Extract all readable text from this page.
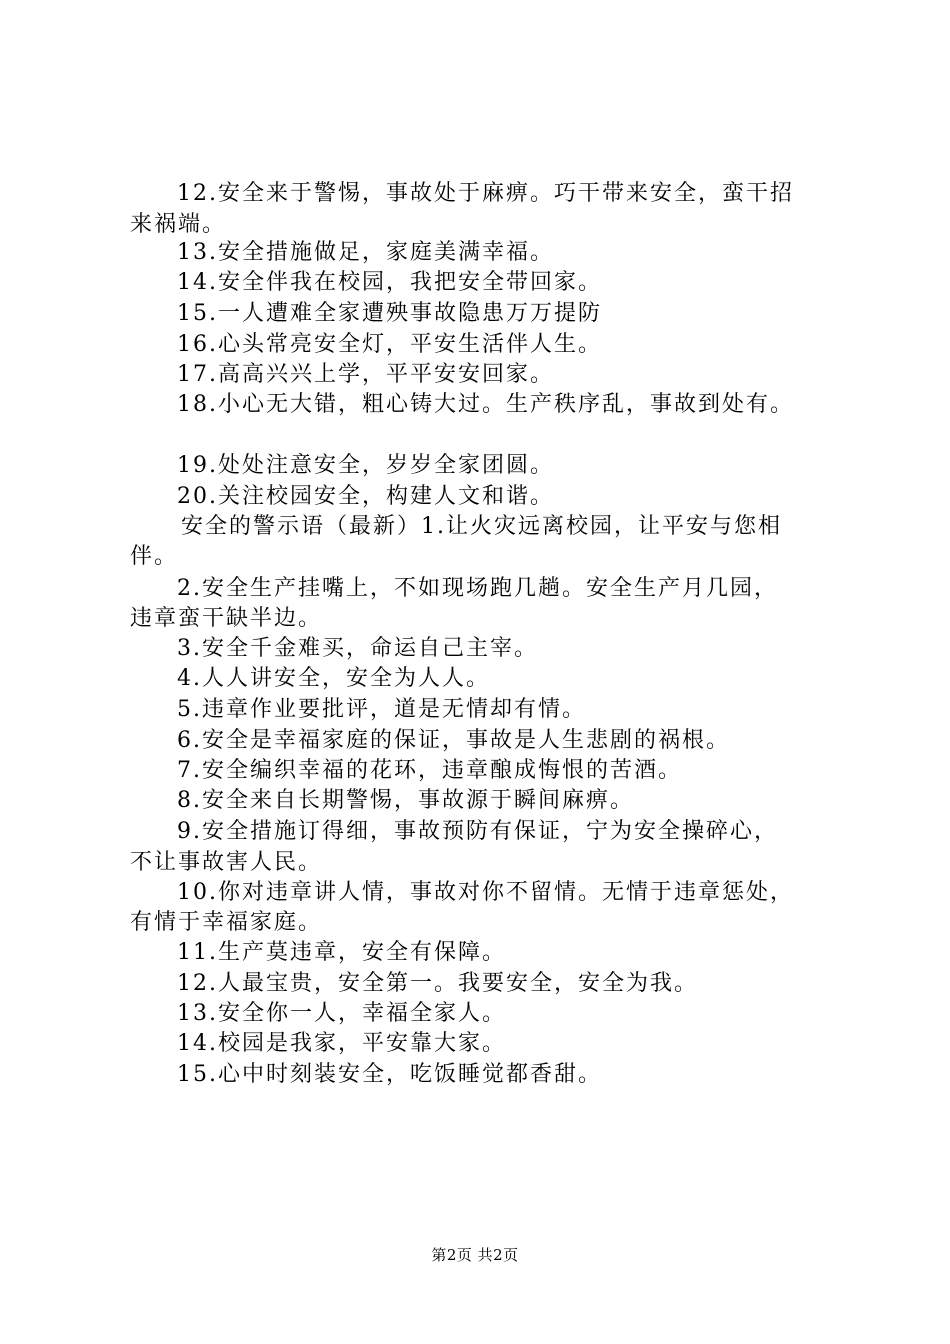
12.安全来于警惕，事故处于麻痹。巧干带来安全，蛮干招
来祸端。
13.安全措施做足，家庭美满幸福。
14.安全伴我在校园，我把安全带回家。
15.一人遭难全家遭殃事故隐患万万提防
16.心头常亮安全灯，平安生活伴人生。
17.高高兴兴上学，平平安安回家。
18.小心无大错，粗心铸大过。生产秩序乱，事故到处有。
19.处处注意安全，岁岁全家团圆。
20.关注校园安全，构建人文和谐。
安全的警示语（最新）1.让火灾远离校园，让平安与您相
伴。
2.安全生产挂嘴上，不如现场跑几趟。安全生产月几园，
违章蛮干缺半边。
3.安全千金难买，命运自己主宰。
4.人人讲安全，安全为人人。
5.违章作业要批评，道是无情却有情。
6.安全是幸福家庭的保证，事故是人生悲剧的祸根。
7.安全编织幸福的花环，违章酿成悔恨的苦酒。
8.安全来自长期警惕，事故源于瞬间麻痹。
9.安全措施订得细，事故预防有保证，宁为安全操碎心，
不让事故害人民。
10.你对违章讲人情，事故对你不留情。无情于违章惩处，
有情于幸福家庭。
11.生产莫违章，安全有保障。
12.人最宝贵，安全第一。我要安全，安全为我。
13.安全你一人，幸福全家人。
14.校园是我家，平安靠大家。
15.心中时刻装安全，吃饭睡觉都香甜。
第2页 共2页
